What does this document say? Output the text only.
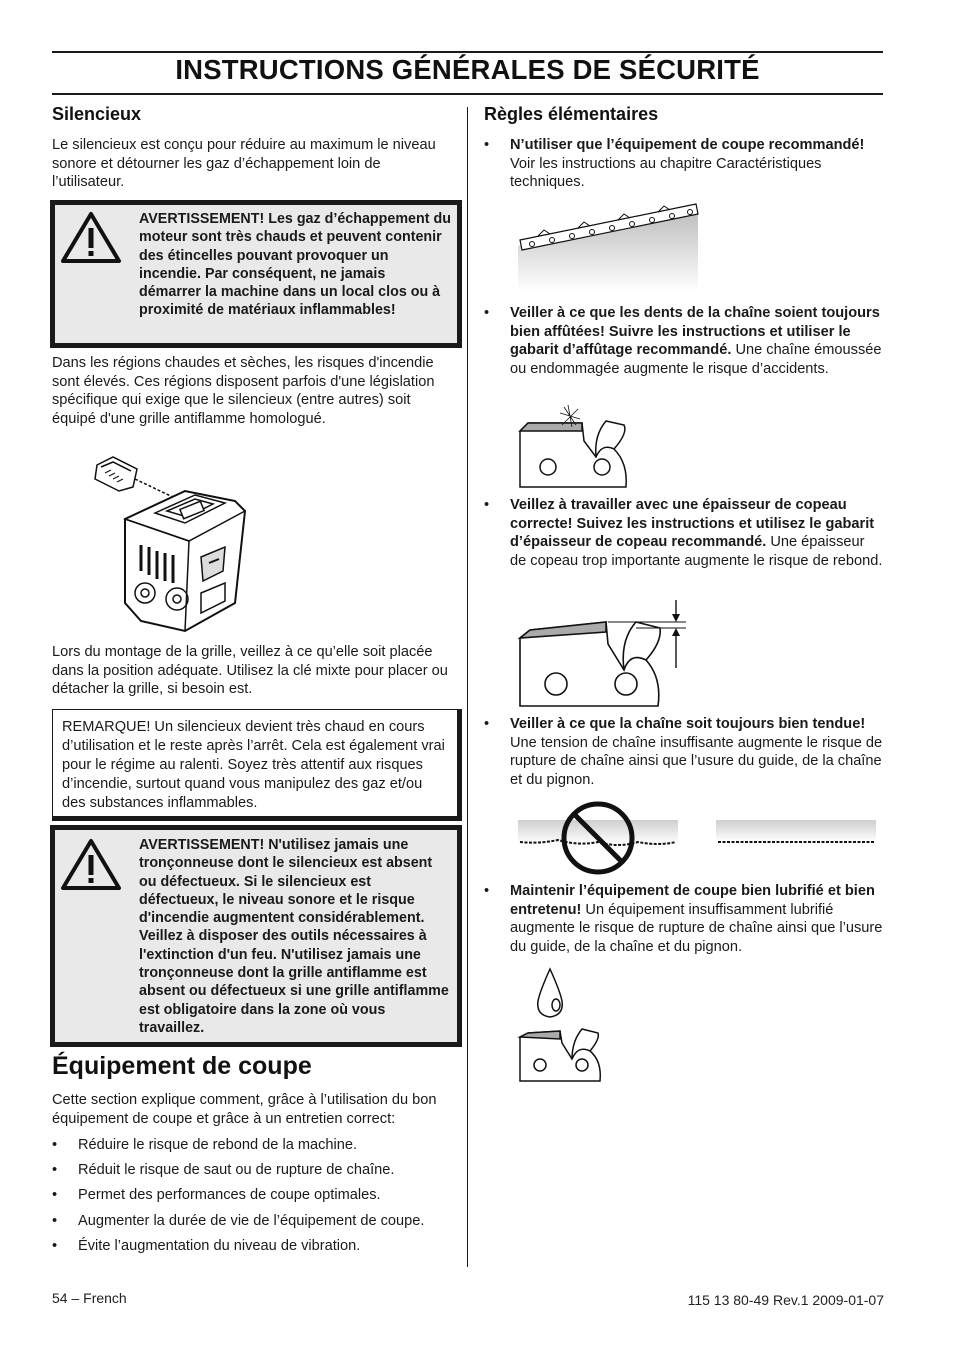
INSTRUCTIONS GÉNÉRALES DE SÉCURITÉ
Silencieux

Le silencieux est conçu pour réduire au maximum le niveau sonore et détourner les gaz d’échappement loin de l’utilisateur.

AVERTISSEMENT! Les gaz d’échappement du moteur sont très chauds et peuvent contenir des étincelles pouvant provoquer un incendie. Par conséquent, ne jamais démarrer la machine dans un local clos ou à proximité de matériaux inflammables!

Dans les régions chaudes et sèches, les risques d'incendie sont élevés. Ces régions disposent parfois d'une législation spécifique qui exige que le silencieux (entre autres) soit équipé d'une grille antiflamme homologué.

Lors du montage de la grille, veillez à ce qu’elle soit placée dans la position adéquate. Utilisez la clé mixte pour placer ou détacher la grille, si besoin est.

REMARQUE! Un silencieux devient très chaud en cours d’utilisation et le reste après l’arrêt. Cela est également vrai pour le régime au ralenti. Soyez très attentif aux risques d’incendie, surtout quand vous manipulez des gaz et/ou des substances inflammables.
AVERTISSEMENT! N'utilisez jamais une tronçonneuse dont le silencieux est absent ou défectueux. Si le silencieux est défectueux, le niveau sonore et le risque d'incendie augmentent considérablement. Veillez à disposer des outils nécessaires à l'extinction d'un feu. N'utilisez jamais une tronçonneuse dont la grille antiflamme est absent ou défectueux si une grille antiflamme est obligatoire dans la zone où vous travaillez.
Équipement de coupe

Cette section explique comment, grâce à l’utilisation du bon équipement de coupe et grâce à un entretien correct:

• Réduire le risque de rebond de la machine.
• Réduit le risque de saut ou de rupture de chaîne.
• Permet des performances de coupe optimales.
• Augmenter la durée de vie de l’équipement de coupe.
• Évite l’augmentation du niveau de vibration.
Règles élémentaires
• N’utiliser que l’équipement de coupe recommandé! Voir les instructions au chapitre Caractéristiques techniques.
• Veiller à ce que les dents de la chaîne soient toujours bien affûtées! Suivre les instructions et utiliser le gabarit d’affûtage recommandé. Une chaîne émoussée ou endommagée augmente le risque d’accidents.
• Veillez à travailler avec une épaisseur de copeau correcte! Suivez les instructions et utilisez le gabarit d’épaisseur de copeau recommandé. Une épaisseur de copeau trop importante augmente le risque de rebond.
• Veiller à ce que la chaîne soit toujours bien tendue! Une tension de chaîne insuffisante augmente le risque de rupture de chaîne ainsi que l’usure du guide, de la chaîne et du pignon.
• Maintenir l’équipement de coupe bien lubrifié et bien entretenu! Un équipement insuffisamment lubrifié augmente le risque de rupture de chaîne ainsi que l’usure du guide, de la chaîne et du pignon.
54 – French	115 13 80-49 Rev.1 2009-01-07
